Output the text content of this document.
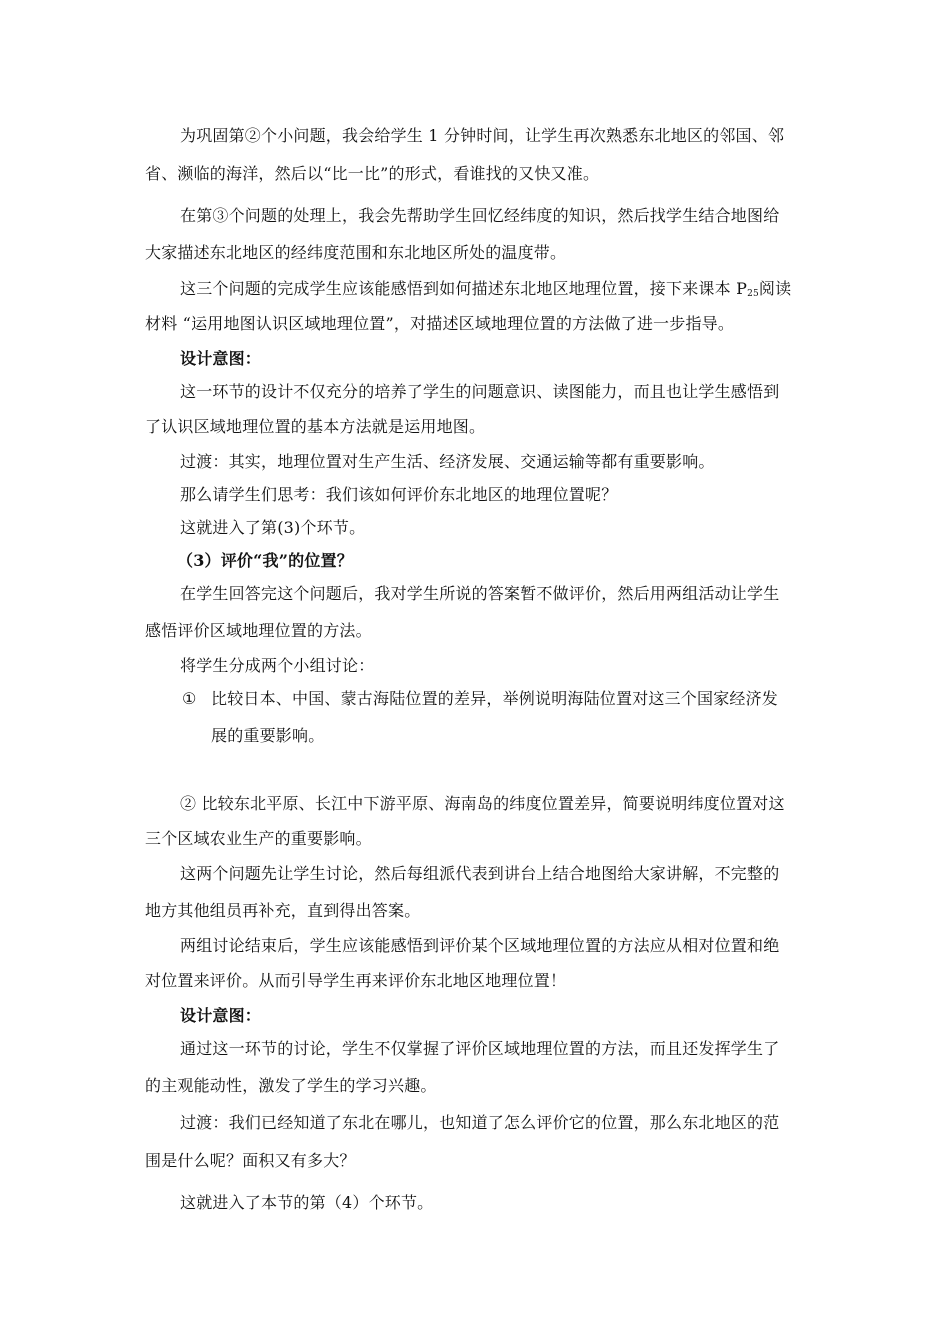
为巩固第②个小问题，我会给学生 1 分钟时间，让学生再次熟悉东北地区的邻国、邻
省、濒临的海洋，然后以“比一比”的形式，看谁找的又快又准。
在第③个问题的处理上，我会先帮助学生回忆经纬度的知识，然后找学生结合地图给
大家描述东北地区的经纬度范围和东北地区所处的温度带。
这三个问题的完成学生应该能感悟到如何描述东北地区地理位置，接下来课本 $P_{25}$阅读
材料 “运用地图认识区域地理位置”，对描述区域地理位置的方法做了进一步指导。
设计意图：
这一环节的设计不仅充分的培养了学生的问题意识、读图能力，而且也让学生感悟到
了认识区域地理位置的基本方法就是运用地图。
过渡：其实，地理位置对生产生活、经济发展、交通运输等都有重要影响。
那么请学生们思考：我们该如何评价东北地区的地理位置呢？
这就进入了第(3)个环节。
（3）评价“我”的位置？
在学生回答完这个问题后，我对学生所说的答案暂不做评价，然后用两组活动让学生
感悟评价区域地理位置的方法。
将学生分成两个小组讨论：
① 比较日本、中国、蒙古海陆位置的差异，举例说明海陆位置对这三个国家经济发
展的重要影响。
② 比较东北平原、长江中下游平原、海南岛的纬度位置差异，简要说明纬度位置对这
三个区域农业生产的重要影响。
这两个问题先让学生讨论，然后每组派代表到讲台上结合地图给大家讲解，不完整的
地方其他组员再补充，直到得出答案。
两组讨论结束后，学生应该能感悟到评价某个区域地理位置的方法应从相对位置和绝
对位置来评价。从而引导学生再来评价东北地区地理位置！
设计意图：
通过这一环节的讨论，学生不仅掌握了评价区域地理位置的方法，而且还发挥学生了
的主观能动性，激发了学生的学习兴趣。
过渡：我们已经知道了东北在哪儿，也知道了怎么评价它的位置，那么东北地区的范
围是什么呢？面积又有多大？
这就进入了本节的第（4）个环节。
